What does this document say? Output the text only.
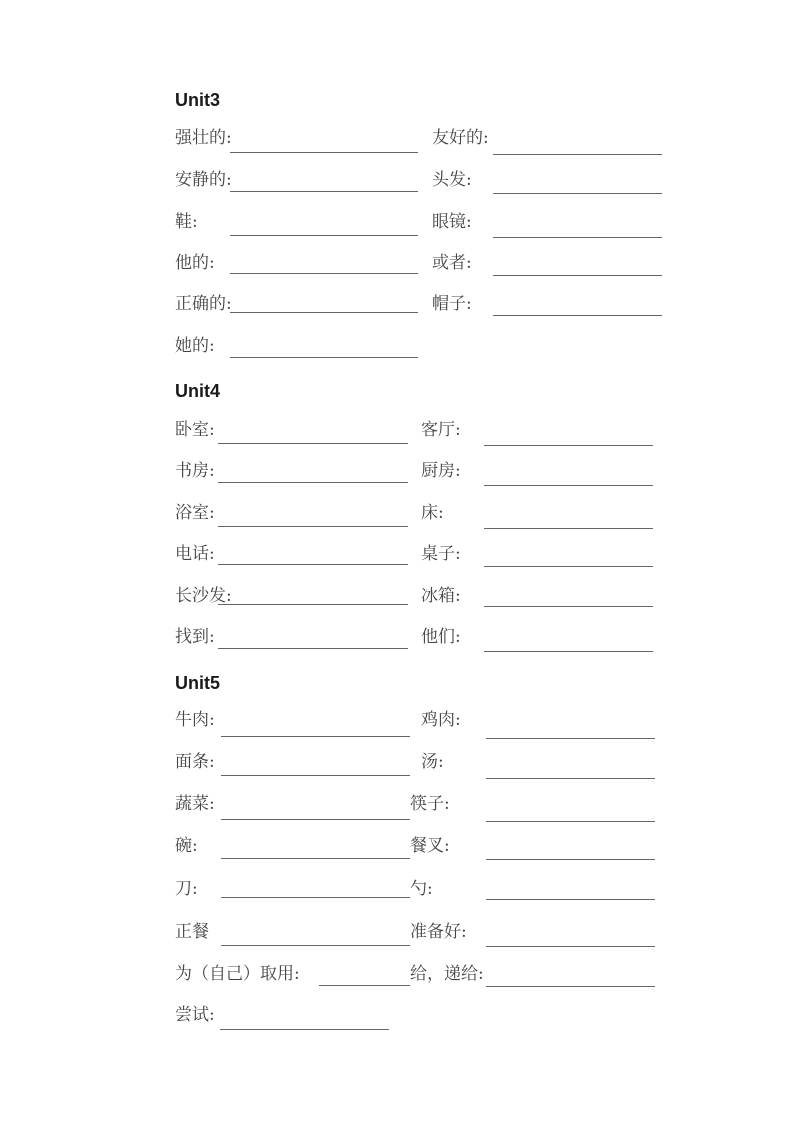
Unit3
强壮的:	友好的:
安静的:	头发:
鞋:	眼镜:
他的:	或者:
正确的:	帽子:
她的:
Unit4
卧室:	客厅:
书房:	厨房:
浴室:	床:
电话:	桌子:
长沙发:	冰箱:
找到:	他们:
Unit5
牛肉:	鸡肉:
面条:	汤:
蔬菜:	筷子:
碗:	餐叉:
刀:	勺:
正餐	准备好:
为（自己）取用:	给，递给:
尝试:
